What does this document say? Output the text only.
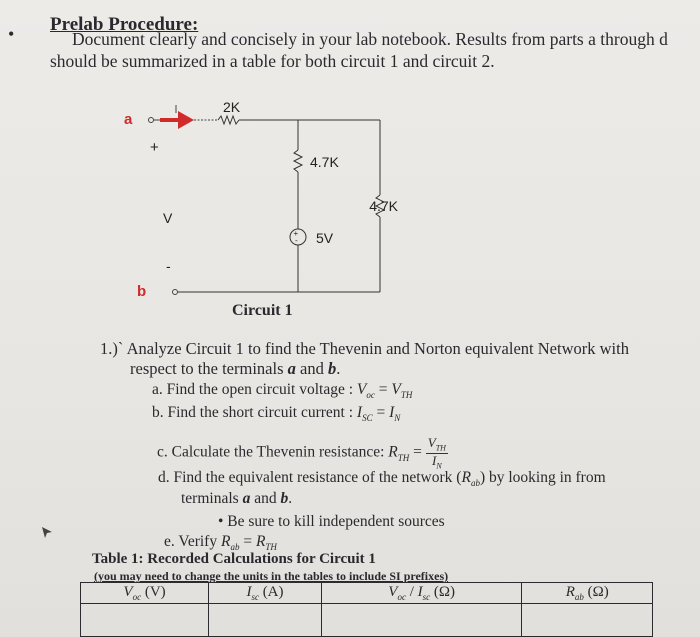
• Prelab Procedure:
Document clearly and concisely in your lab notebook. Results from parts a through d
should be summarized in a table for both circuit 1 and circuit 2.
a
2K
4.7K
+
- 5V
4.7K
b
+
V
-
Circuit 1
1.)` Analyze Circuit 1 to find the Thevenin and Norton equivalent Network with
respect to the terminals a and b.
a. Find the open circuit voltage : $V_{oc} = V_{TH}$
b. Find the short circuit current : $I_{SC} = I_N$
c. Calculate the Thevenin resistance: $R_{TH} = \frac{V_{TH}}{I_N}$
d. Find the equivalent resistance of the network $(R_{ab})$ by looking in from
terminals a and b.
• Be sure to kill independent sources
e. Verify $R_{ab} = R_{TH}$
Table 1: Recorded Calculations for Circuit 1
(you may need to change the units in the tables to include SI prefixes)
$V_{oc}$ (V)	$I_{sc}$ (A)	$V_{oc} / I_{sc}$ (Ω)	$R_{ab}$ (Ω)
